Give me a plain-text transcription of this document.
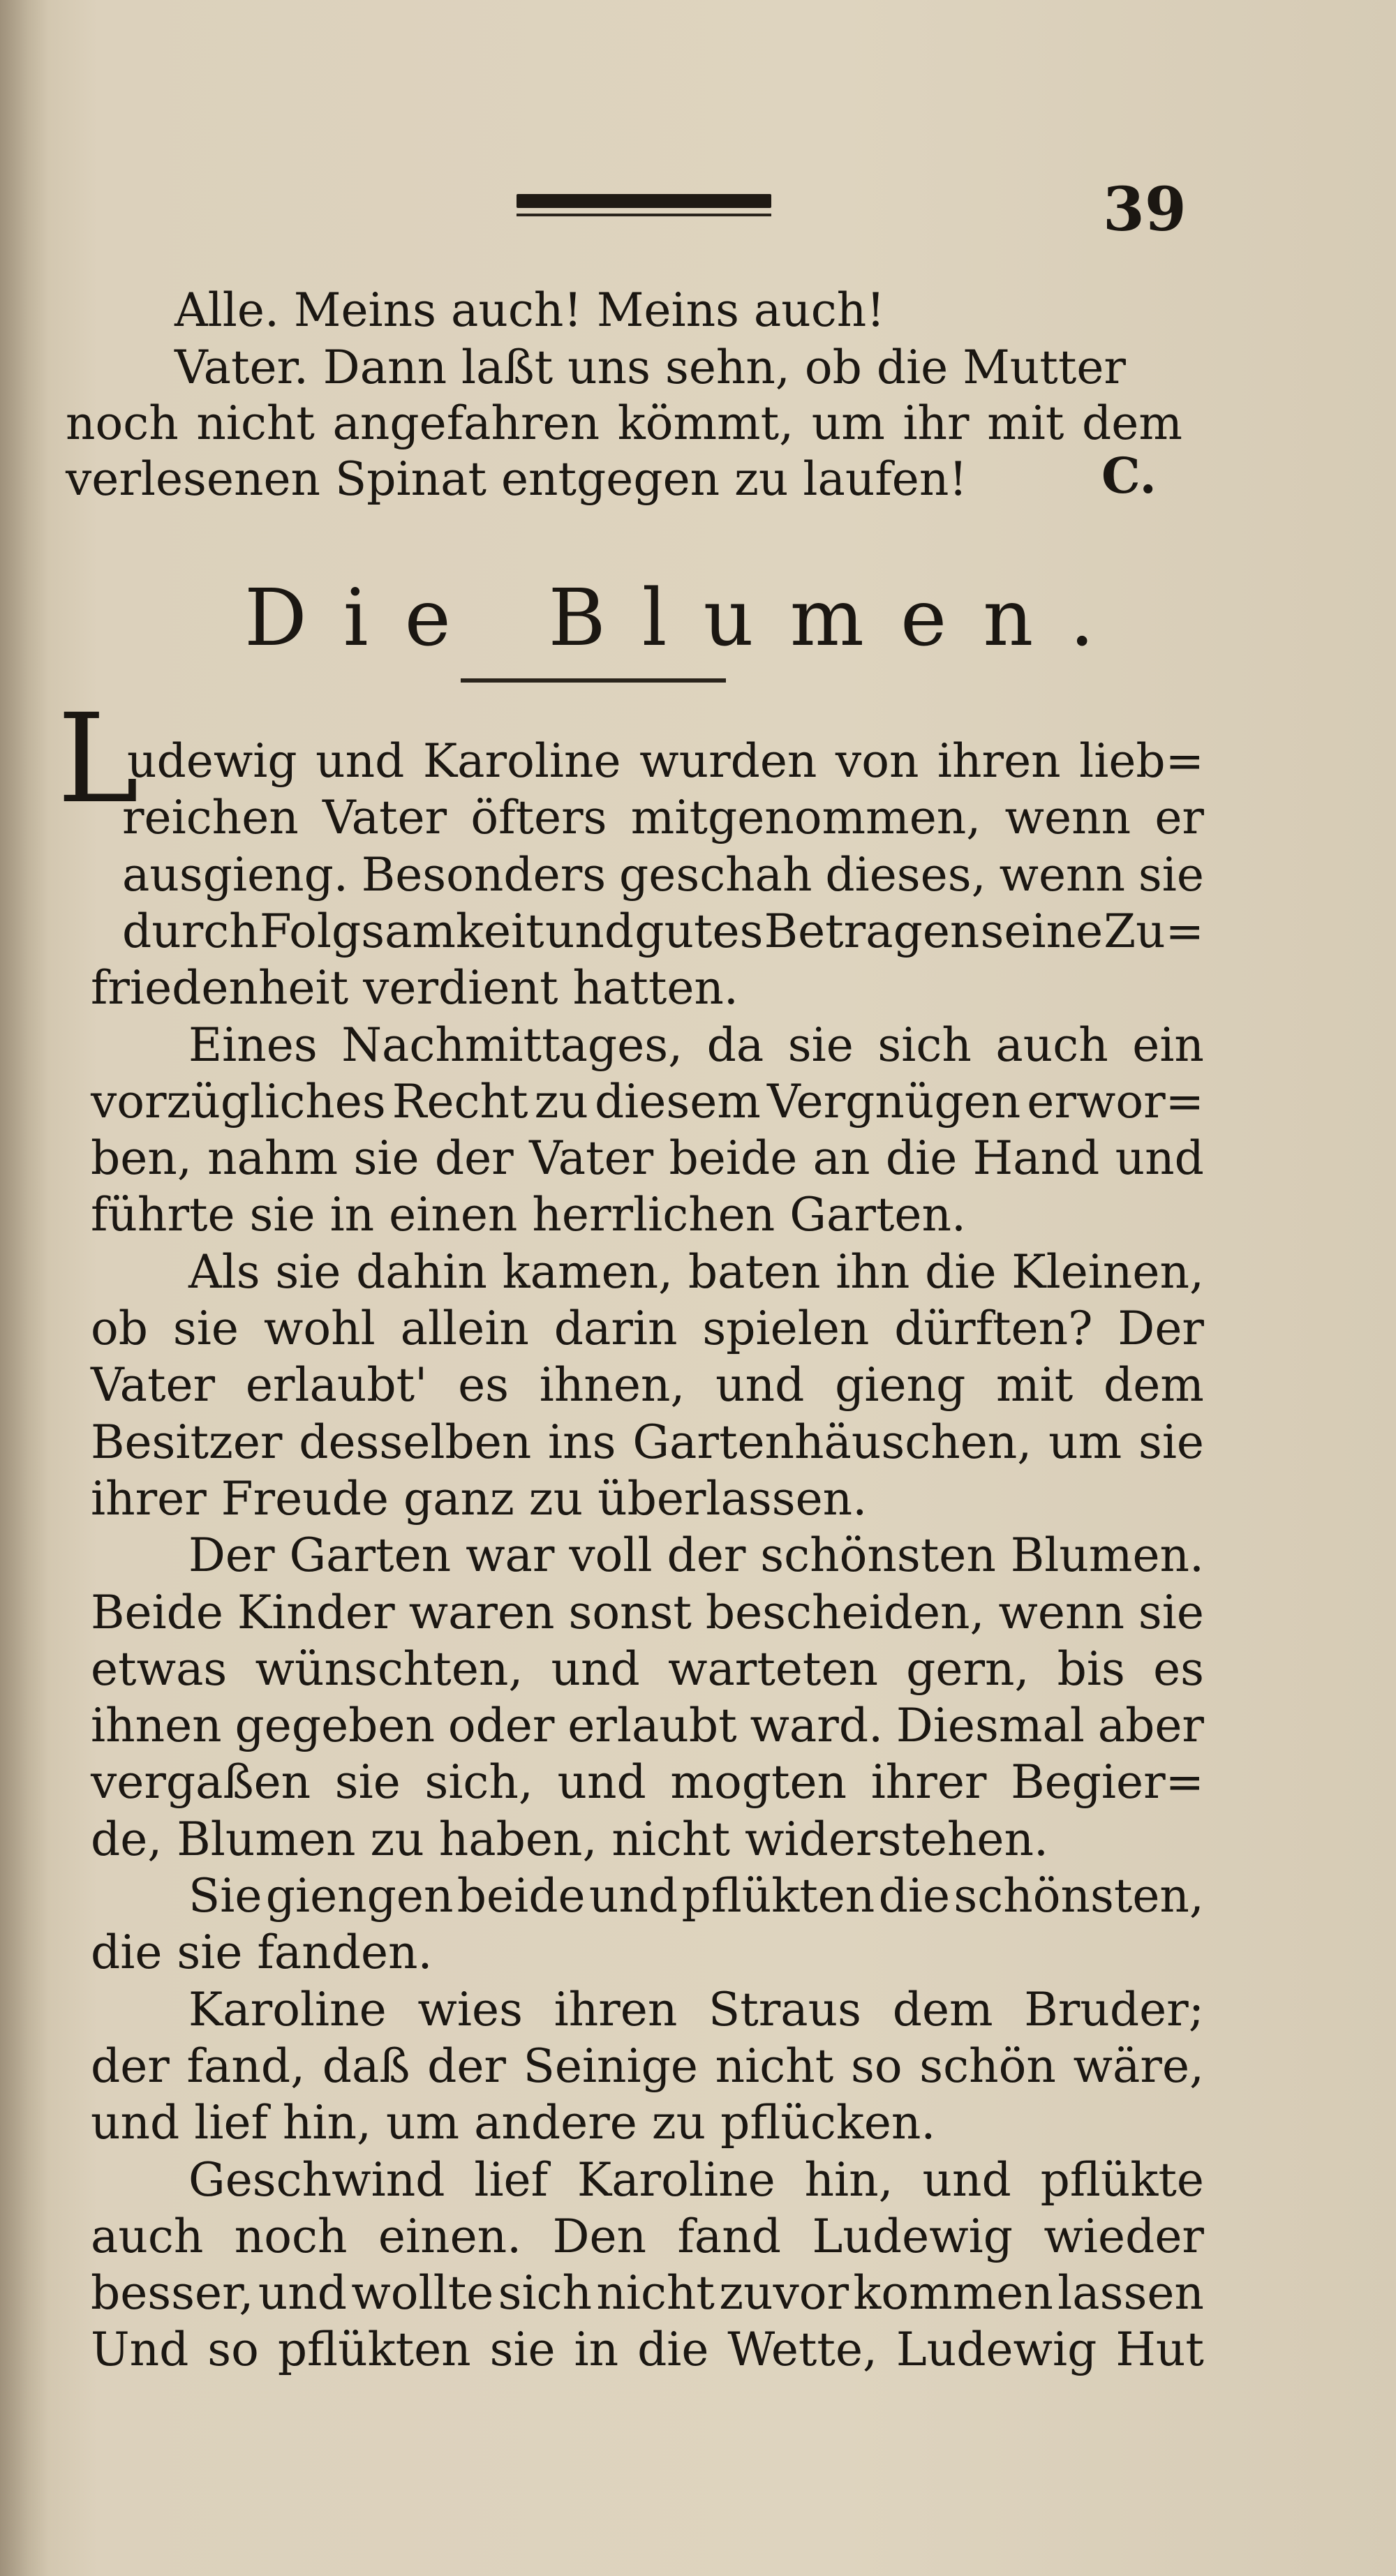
39
Alle. Meins auch! Meins auch!
Vater. Dann laßt uns sehn, ob die Mutter
noch nicht angefahren kömmt, um ihr mit dem
verlesenen Spinat entgegen zu laufen!	C.
Die Blumen.
L
udewig und Karoline wurden von ihren lieb=
reichen Vater öfters mitgenommen, wenn er
ausgieng. Besonders geschah dieses, wenn sie
durch Folgsamkeit und gutes Betragen seine Zu=
friedenheit verdient hatten.
Eines Nachmittages, da sie sich auch ein
vorzügliches Recht zu diesem Vergnügen erwor=
ben, nahm sie der Vater beide an die Hand und
führte sie in einen herrlichen Garten.
Als sie dahin kamen, baten ihn die Kleinen,
ob sie wohl allein darin spielen dürften? Der
Vater erlaubt' es ihnen, und gieng mit dem
Besitzer desselben ins Gartenhäuschen, um sie
ihrer Freude ganz zu überlassen.
Der Garten war voll der schönsten Blumen.
Beide Kinder waren sonst bescheiden, wenn sie
etwas wünschten, und warteten gern, bis es
ihnen gegeben oder erlaubt ward. Diesmal aber
vergaßen sie sich, und mogten ihrer Begier=
de, Blumen zu haben, nicht widerstehen.
Sie giengen beide und pflükten die schönsten,
die sie fanden.
Karoline wies ihren Straus dem Bruder;
der fand, daß der Seinige nicht so schön wäre,
und lief hin, um andere zu pflücken.
Geschwind lief Karoline hin, und pflükte
auch noch einen. Den fand Ludewig wieder
besser, und wollte sich nicht zuvor kommen lassen
Und so pflükten sie in die Wette, Ludewig Hut
